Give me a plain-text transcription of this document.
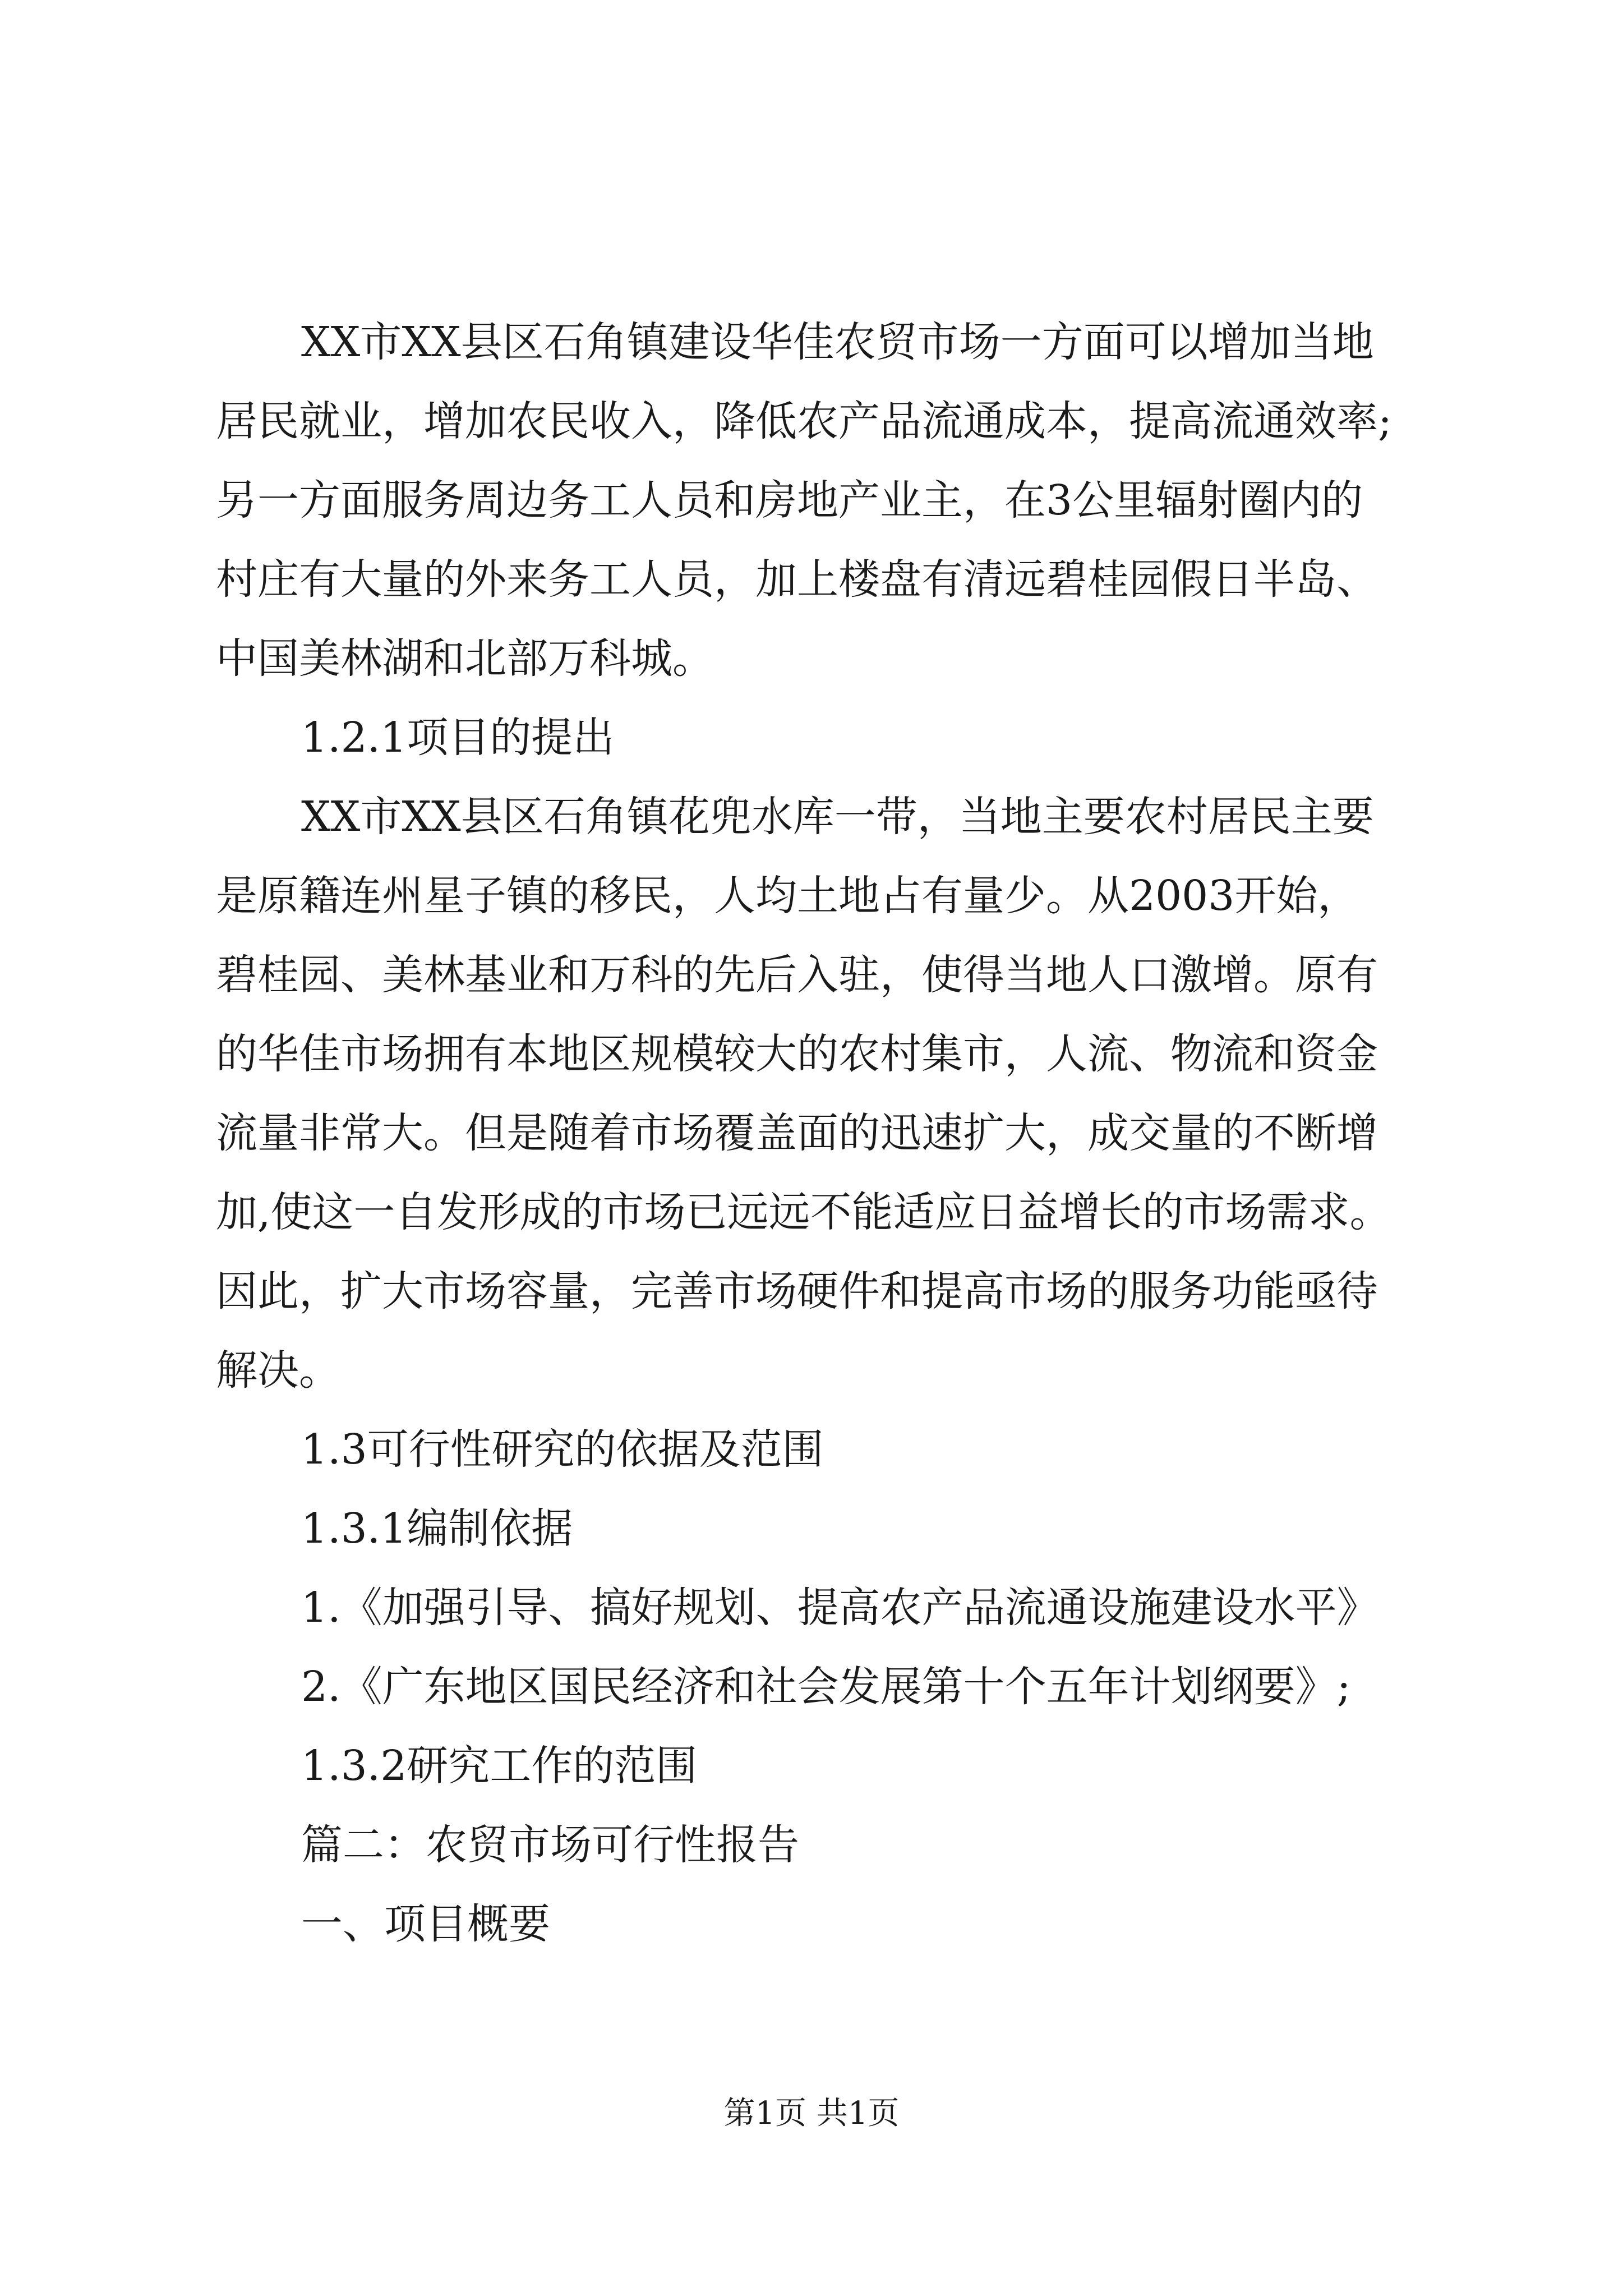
XX市XX县区石角镇建设华佳农贸市场一方面可以增加当地
居民就业，增加农民收入，降低农产品流通成本，提高流通效率;
另一方面服务周边务工人员和房地产业主，在3公里辐射圈内的
村庄有大量的外来务工人员，加上楼盘有清远碧桂园假日半岛、
中国美林湖和北部万科城。
1.2.1项目的提出
XX市XX县区石角镇花兜水库一带，当地主要农村居民主要
是原籍连州星子镇的移民，人均土地占有量少。从2003开始，
碧桂园、美林基业和万科的先后入驻，使得当地人口激增。原有
的华佳市场拥有本地区规模较大的农村集市，人流、物流和资金
流量非常大。但是随着市场覆盖面的迅速扩大，成交量的不断增
加,使这一自发形成的市场已远远不能适应日益增长的市场需求。
因此，扩大市场容量，完善市场硬件和提高市场的服务功能亟待
解决。
1.3可行性研究的依据及范围
1.3.1编制依据
1.《加强引导、搞好规划、提高农产品流通设施建设水平》
2.《广东地区国民经济和社会发展第十个五年计划纲要》;
1.3.2研究工作的范围
篇二：农贸市场可行性报告
一、项目概要
第1页 共1页
